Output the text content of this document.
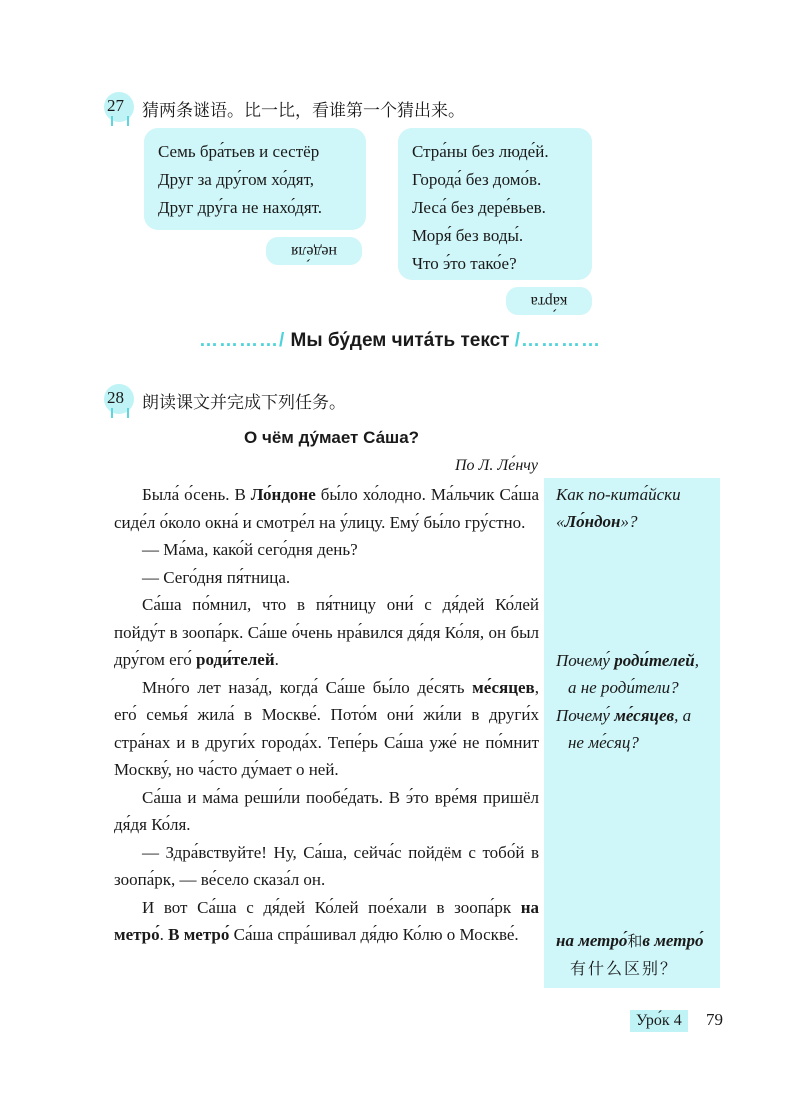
27 猜两条谜语。比一比，看谁第一个猜出来。
Семь бра́тьев и сестёр
Друг за дру́гом хо́дят,
Друг дру́га не нахо́дят.
неде́ля
Стра́ны без люде́й.
Города́ без домо́в.
Леса́ без дере́вьев.
Моря́ без воды́.
Что э́то тако́е?
ка́рта
…………/ Мы бу́дем чита́ть текст /…………
28 朗读课文并完成下列任务。
О чём ду́мает Са́ша?
По Л. Ле́нчу

Была́ о́сень. В Ло́ндоне бы́ло хо́лодно. Ма́льчик Са́ша сиде́л о́коло окна́ и смотре́л на у́лицу. Ему́ бы́ло гру́стно.

— Ма́ма, како́й сего́дня день?

— Сего́дня пя́тница.

Са́ша по́мнил, что в пя́тницу они́ с дя́дей Ко́лей пойду́т в зоопа́рк. Са́ше о́чень нра́вился дя́дя Ко́ля, он был дру́гом его́ роди́телей.

Мно́го лет наза́д, когда́ Са́ше бы́ло де́сять ме́сяцев, его́ семья́ жила́ в Москве́. Пото́м они́ жи́ли в други́х стра́нах и в други́х города́х. Тепе́рь Са́ша уже́ не по́мнит Москву́, но ча́сто ду́мает о ней.

Са́ша и ма́ма реши́ли пообе́дать. В э́то вре́мя пришёл дя́дя Ко́ля.

— Здра́вствуйте! Ну, Са́ша, сейча́с пойдём с тобо́й в зоопа́рк, — ве́село сказа́л он.

И вот Са́ша с дя́дей Ко́лей пое́хали в зоопа́рк на метро́. В метро́ Са́ша спра́шивал дя́дю Ко́лю о Москве́.

Как по-кита́йски
«Ло́ндон»?
Почему́ роди́телей,
а не роди́тели?
Почему́ ме́сяцев, а
не ме́сяц?
на метро́和в метро́
有什么区别？
Уро́к 4	79
